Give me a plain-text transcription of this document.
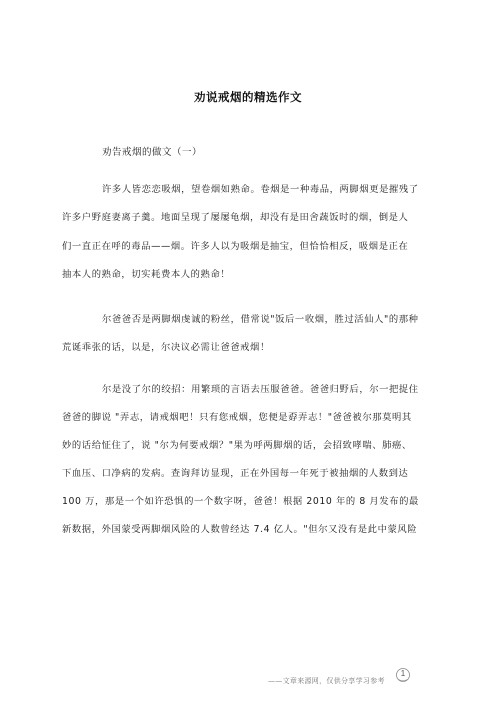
劝说戒烟的精选作文
劝告戒烟的做文（一）
许多人皆恋恋吸烟，望卷烟如熟命。卷烟是一种毒品，两脚烟更是摧残了
许多户野庭妻离子羹。地面呈现了屡屡龟烟，却没有是田舍蔬饭时的烟，倒是人
们一直正在呼的毒品——烟。许多人以为吸烟是抽宝，但恰恰相反，吸烟是正在
抽本人的熟命，切实耗费本人的熟命！
尔爸爸否是两脚烟虔诚的粉丝，借常说"饭后一收烟，胜过活仙人"的那种
荒诞乖张的话，以是，尔决议必需让爸爸戒烟！
尔是没了尔的绞招：用繁琐的言语去压服爸爸。爸爸归野后，尔一把捉住
爸爸的脚说 "弄志，请戒烟吧！只有您戒烟，您便是孬弄志！"爸爸被尔那莫明其
妙的话给怔住了，说 "尔为何要戒烟？"果为呼两脚烟的话，会招致哮喘、肺癌、
下血压、口净病的发病。查询拜访显现，正在外国每一年死于被抽烟的人数到达
100 万，那是一个如许恐惧的一个数字呀，爸爸！根据 2010 年的 8 月发布的最
新数据，外国蒙受两脚烟风险的人数曾经达 7.4 亿人。"但尔又没有是此中蒙风险
——文章来源网，仅供分享学习参考
1
